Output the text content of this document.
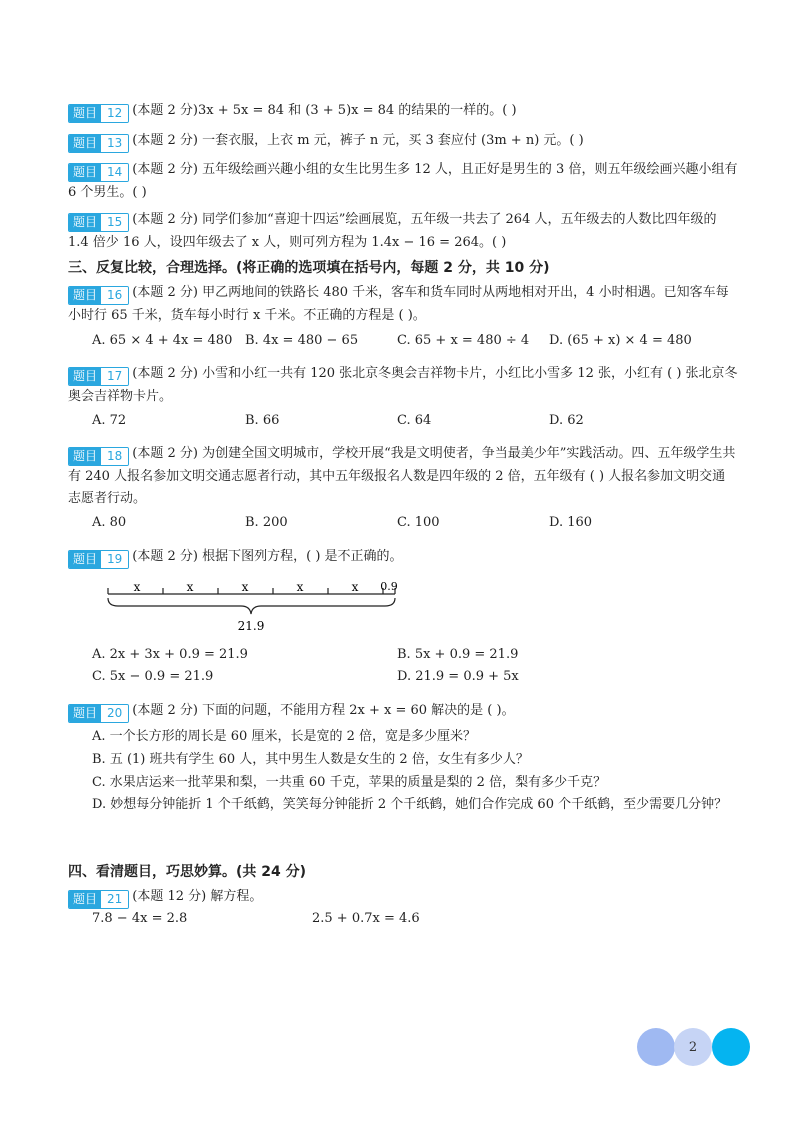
题目 12 (本题 2 分)3x + 5x = 84 和 (3 + 5)x = 84 的结果的一样的。( )
题目 13 (本题 2 分) 一套衣服，上衣 m 元，裤子 n 元，买 3 套应付 (3m + n) 元。( )
题目 14 (本题 2 分) 五年级绘画兴趣小组的女生比男生多 12 人，且正好是男生的 3 倍，则五年级绘画兴趣小组有 6 个男生。( )
题目 15 (本题 2 分) 同学们参加“喜迎十四运”绘画展览，五年级一共去了 264 人，五年级去的人数比四年级的 1.4 倍少 16 人，设四年级去了 x 人，则可列方程为 1.4x − 16 = 264。( )
三、反复比较，合理选择。(将正确的选项填在括号内，每题 2 分，共 10 分)
题目 16 (本题 2 分) 甲乙两地间的铁路长 480 千米，客车和货车同时从两地相对开出，4 小时相遇。已知客车每小时行 65 千米，货车每小时行 x 千米。不正确的方程是 ( )。
A. 65 × 4 + 4x = 480 B. 4x = 480 − 65	C. 65 + x = 480 ÷ 4 D. (65 + x) × 4 = 480
题目 17 (本题 2 分) 小雪和小红一共有 120 张北京冬奥会吉祥物卡片，小红比小雪多 12 张，小红有 ( ) 张北京冬奥会吉祥物卡片。
A. 72	B. 66	C. 64	D. 62
题目 18 (本题 2 分) 为创建全国文明城市，学校开展“我是文明使者，争当最美少年”实践活动。四、五年级学生共有 240 人报名参加文明交通志愿者行动，其中五年级报名人数是四年级的 2 倍，五年级有 ( ) 人报名参加文明交通志愿者行动。
A. 80	B. 200	C. 100	D. 160
题目 19 (本题 2 分) 根据下图列方程，( ) 是不正确的。
x	x	x	x	x 0.9
21.9
A. 2x + 3x + 0.9 = 21.9	B. 5x + 0.9 = 21.9
C. 5x − 0.9 = 21.9	D. 21.9 = 0.9 + 5x
题目 20 (本题 2 分) 下面的问题，不能用方程 2x + x = 60 解决的是 ( )。
A. 一个长方形的周长是 60 厘米，长是宽的 2 倍，宽是多少厘米？
B. 五 (1) 班共有学生 60 人，其中男生人数是女生的 2 倍，女生有多少人？
C. 水果店运来一批苹果和梨，一共重 60 千克，苹果的质量是梨的 2 倍，梨有多少千克？
D. 妙想每分钟能折 1 个千纸鹤，笑笑每分钟能折 2 个千纸鹤，她们合作完成 60 个千纸鹤，至少需要几分钟？
四、看清题目，巧思妙算。(共 24 分)
题目 21 (本题 12 分) 解方程。
7.8 − 4x = 2.8	2.5 + 0.7x = 4.6
2
